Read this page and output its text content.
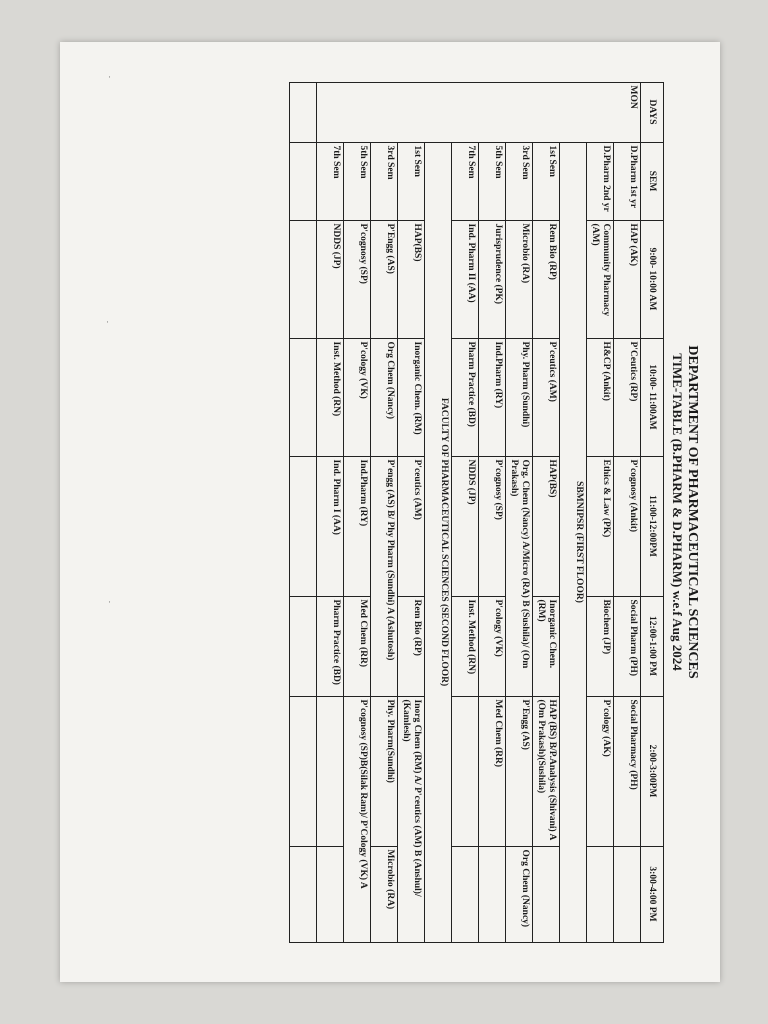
·
·
·	DEPARTMENT OF PHARMACEUTICAL SCIENCES
TIME-TABLE (B.PHARM & D.PHARM) w.e.f Aug 2024
DAYS	SEM	9:00- 10:00 AM	10:00- 11:00AM	11:00-12:00PM	12:00-1:00 PM	2:00-3:00PM	3:00-4:00 PM
MON	D.Pharm 1st yr	HAP (AK)	P'Ceutics (RP)	P'cognosy (Ankit)	Social Pharm (PH)	Social Pharmacy (PH)	
	D.Pharm 2nd yr	Community Pharmacy (AM)	H&CP (Ankit)	Ethics & Law (PK)	Biochem (JP)	P'cology (AK)	
	SBMNIPSR (FIRST FLOOR)						
	1st Sem	Rem Bio (RP)	P'ceutics (AM)	HAP(BS)	Inorganic Chem. (RM)	HAP (BS) B/P.Analysis (Shivani) A (Om Prakash)(Sushila)	
	3rd Sem	Microbio (RA)	Phy. Pharm (Sundhi)	Org. Chem (Nancy) A/Micro (RA) B (Sushila)/ (Om Prakash)		P'Engg (AS)	Org Chem (Nancy)
	5th Sem	Jurisprudence (PK)	Ind.Pharm (RY)	P'cognosy (SP)	P'cology (VK)	Med Chem (RR)	
	7th Sem	Ind. Pharm II (AA)	Pharm Practice (BD)	NDDS (JP)	Inst. Method (RN)		
	FACULTY OF PHARMACEUTICAL SCIENCES (SECOND FLOOR)						
	1st Sem	HAP(BS)	Inorganic Chem. (RM)	P'ceutics (AM)	Rem Bio (RP)	Inorg Chem (RM) A/ P'ceutics (AM) B (Anshul)/ (Kamlesh)	
	3rd Sem	P'Engg (AS)	Org Chem (Nancy)	P'engg (AS) B/ Phy Pharm (Sundhi) A (Ashutosh)		Phy. Pharm(Sundhi)	Microbio (RA)
	5th Sem	P'cognosy (SP)	P'cology (VK)	Ind.Pharm (RY)	Med Chem (RR)	P'cognosy (SP)B(Silak Ram)/ P'Cology (VK) A	
	7th Sem	NDDS (JP)	Inst. Method (RN)	Ind. Pharm I (AA)	Pharm Practice (BD)		
